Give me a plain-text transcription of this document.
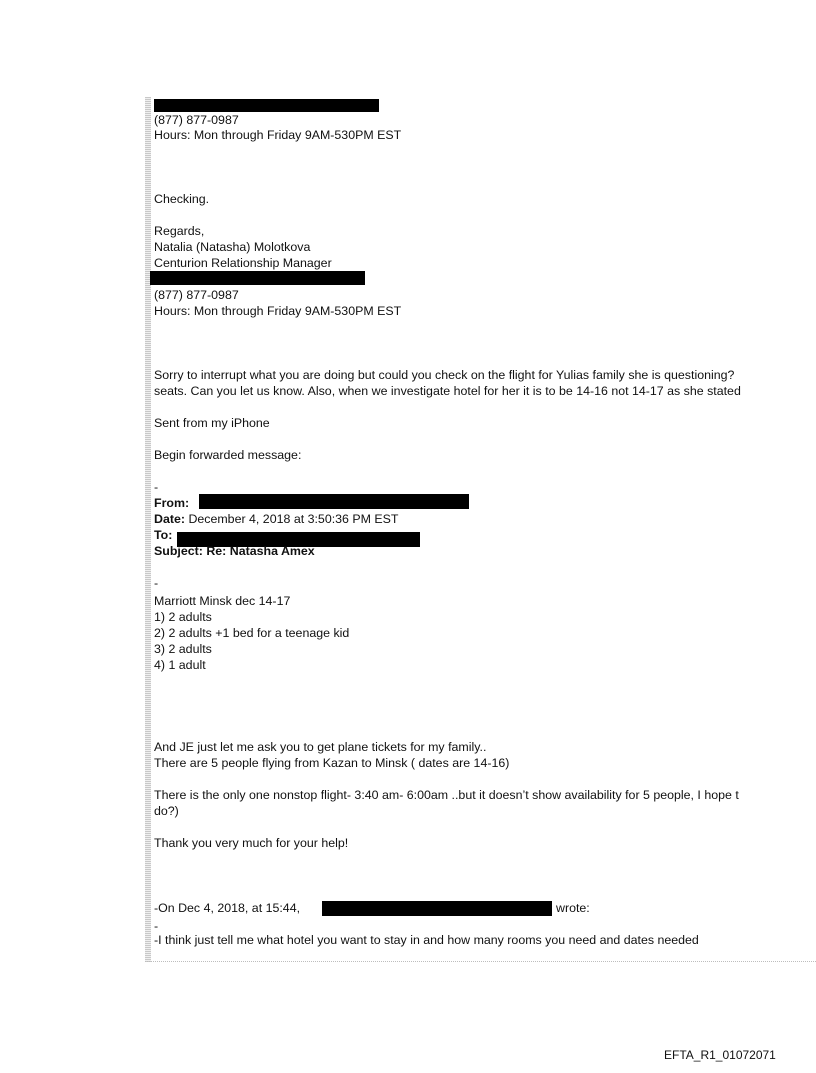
(877) 877-0987
Hours: Mon through Friday 9AM-530PM EST
Checking.
Regards,
Natalia (Natasha) Molotkova
Centurion Relationship Manager
(877) 877-0987
Hours: Mon through Friday 9AM-530PM EST
Sorry to interrupt what you are doing but could you check on the flight for Yulias family she is questioning?
seats. Can you let us know. Also, when we investigate hotel for her it is to be 14-16 not 14-17 as she stated
Sent from my iPhone
Begin forwarded message:
-
From:
Date: December 4, 2018 at 3:50:36 PM EST
To:
Subject: Re: Natasha Amex
-
Marriott Minsk dec 14-17
1) 2 adults
2) 2 adults +1 bed for a teenage kid
3) 2 adults
4) 1 adult
And JE just let me ask you to get plane tickets for my family..
There are 5 people flying from Kazan to Minsk ( dates are 14-16)
There is the only one nonstop flight- 3:40 am- 6:00am ..but it doesn’t show availability for 5 people, I hope t
do?)
Thank you very much for your help!
-On Dec 4, 2018, at 15:44,	wrote:
-
-I think just tell me what hotel you want to stay in and how many rooms you need and dates needed
EFTA_R1_01072071
